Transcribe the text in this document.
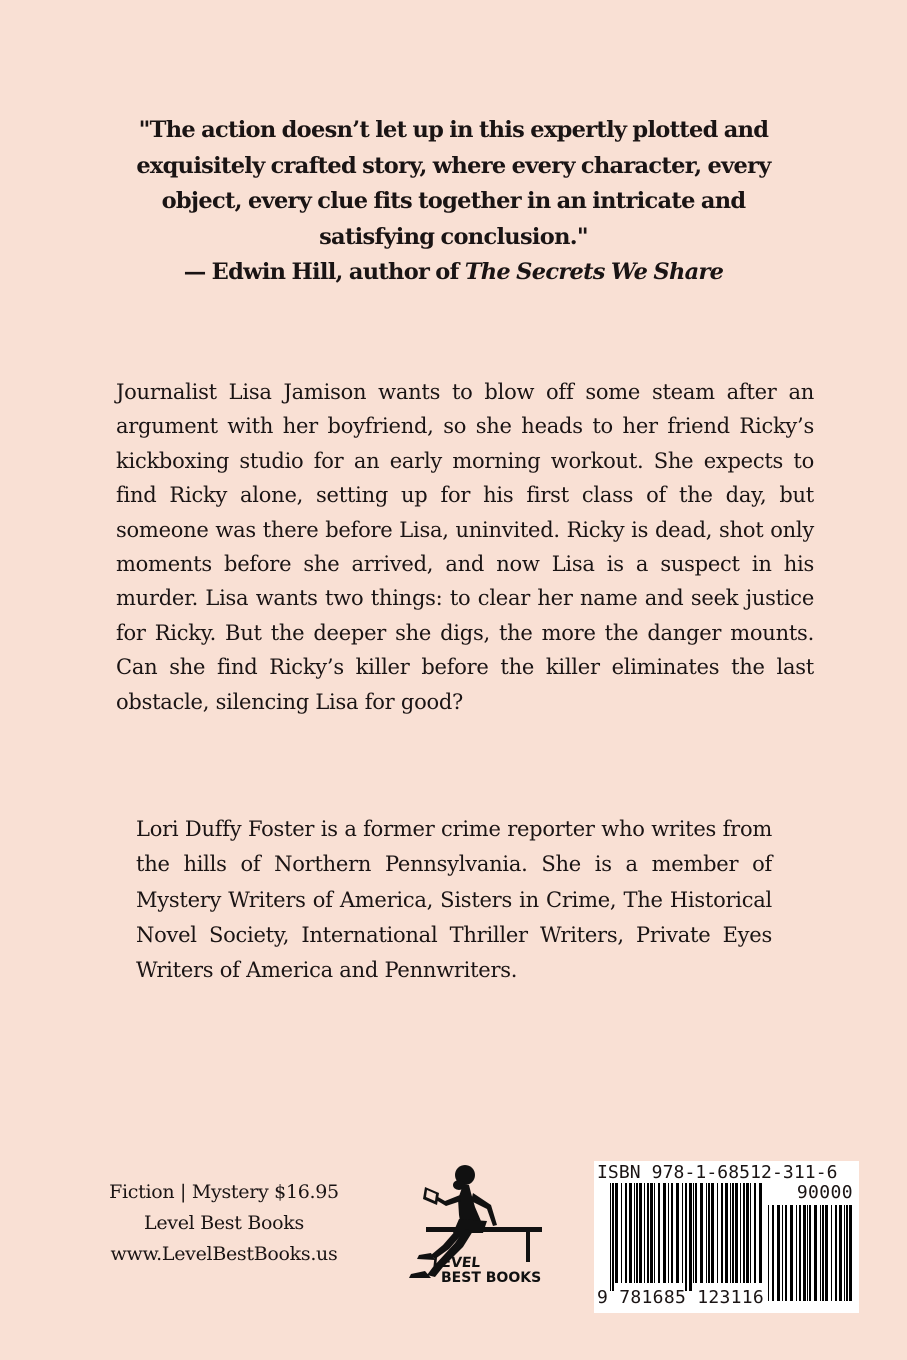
"The action doesn’t let up in this expertly plotted and exquisitely crafted story, where every character, every object, every clue fits together in an intricate and satisfying conclusion."
— Edwin Hill, author of The Secrets We Share
Journalist Lisa Jamison wants to blow off some steam after an argument with her boyfriend, so she heads to her friend Ricky’s kickboxing studio for an early morning workout. She expects to find Ricky alone, setting up for his first class of the day, but someone was there before Lisa, uninvited. Ricky is dead, shot only moments before she arrived, and now Lisa is a suspect in his murder. Lisa wants two things: to clear her name and seek justice for Ricky. But the deeper she digs, the more the danger mounts. Can she find Ricky’s killer before the killer eliminates the last obstacle, silencing Lisa for good?
Lori Duffy Foster is a former crime reporter who writes from the hills of Northern Pennsylvania. She is a member of Mystery Writers of America, Sisters in Crime, The Historical Novel Society, International Thriller Writers, Private Eyes Writers of America and Pennwriters.
Fiction | Mystery $16.95
Level Best Books
www.LevelBestBooks.us	LEVEL
BEST BOOKS
ISBN 978-1-68512-311-6
90000
9 781685 123116
